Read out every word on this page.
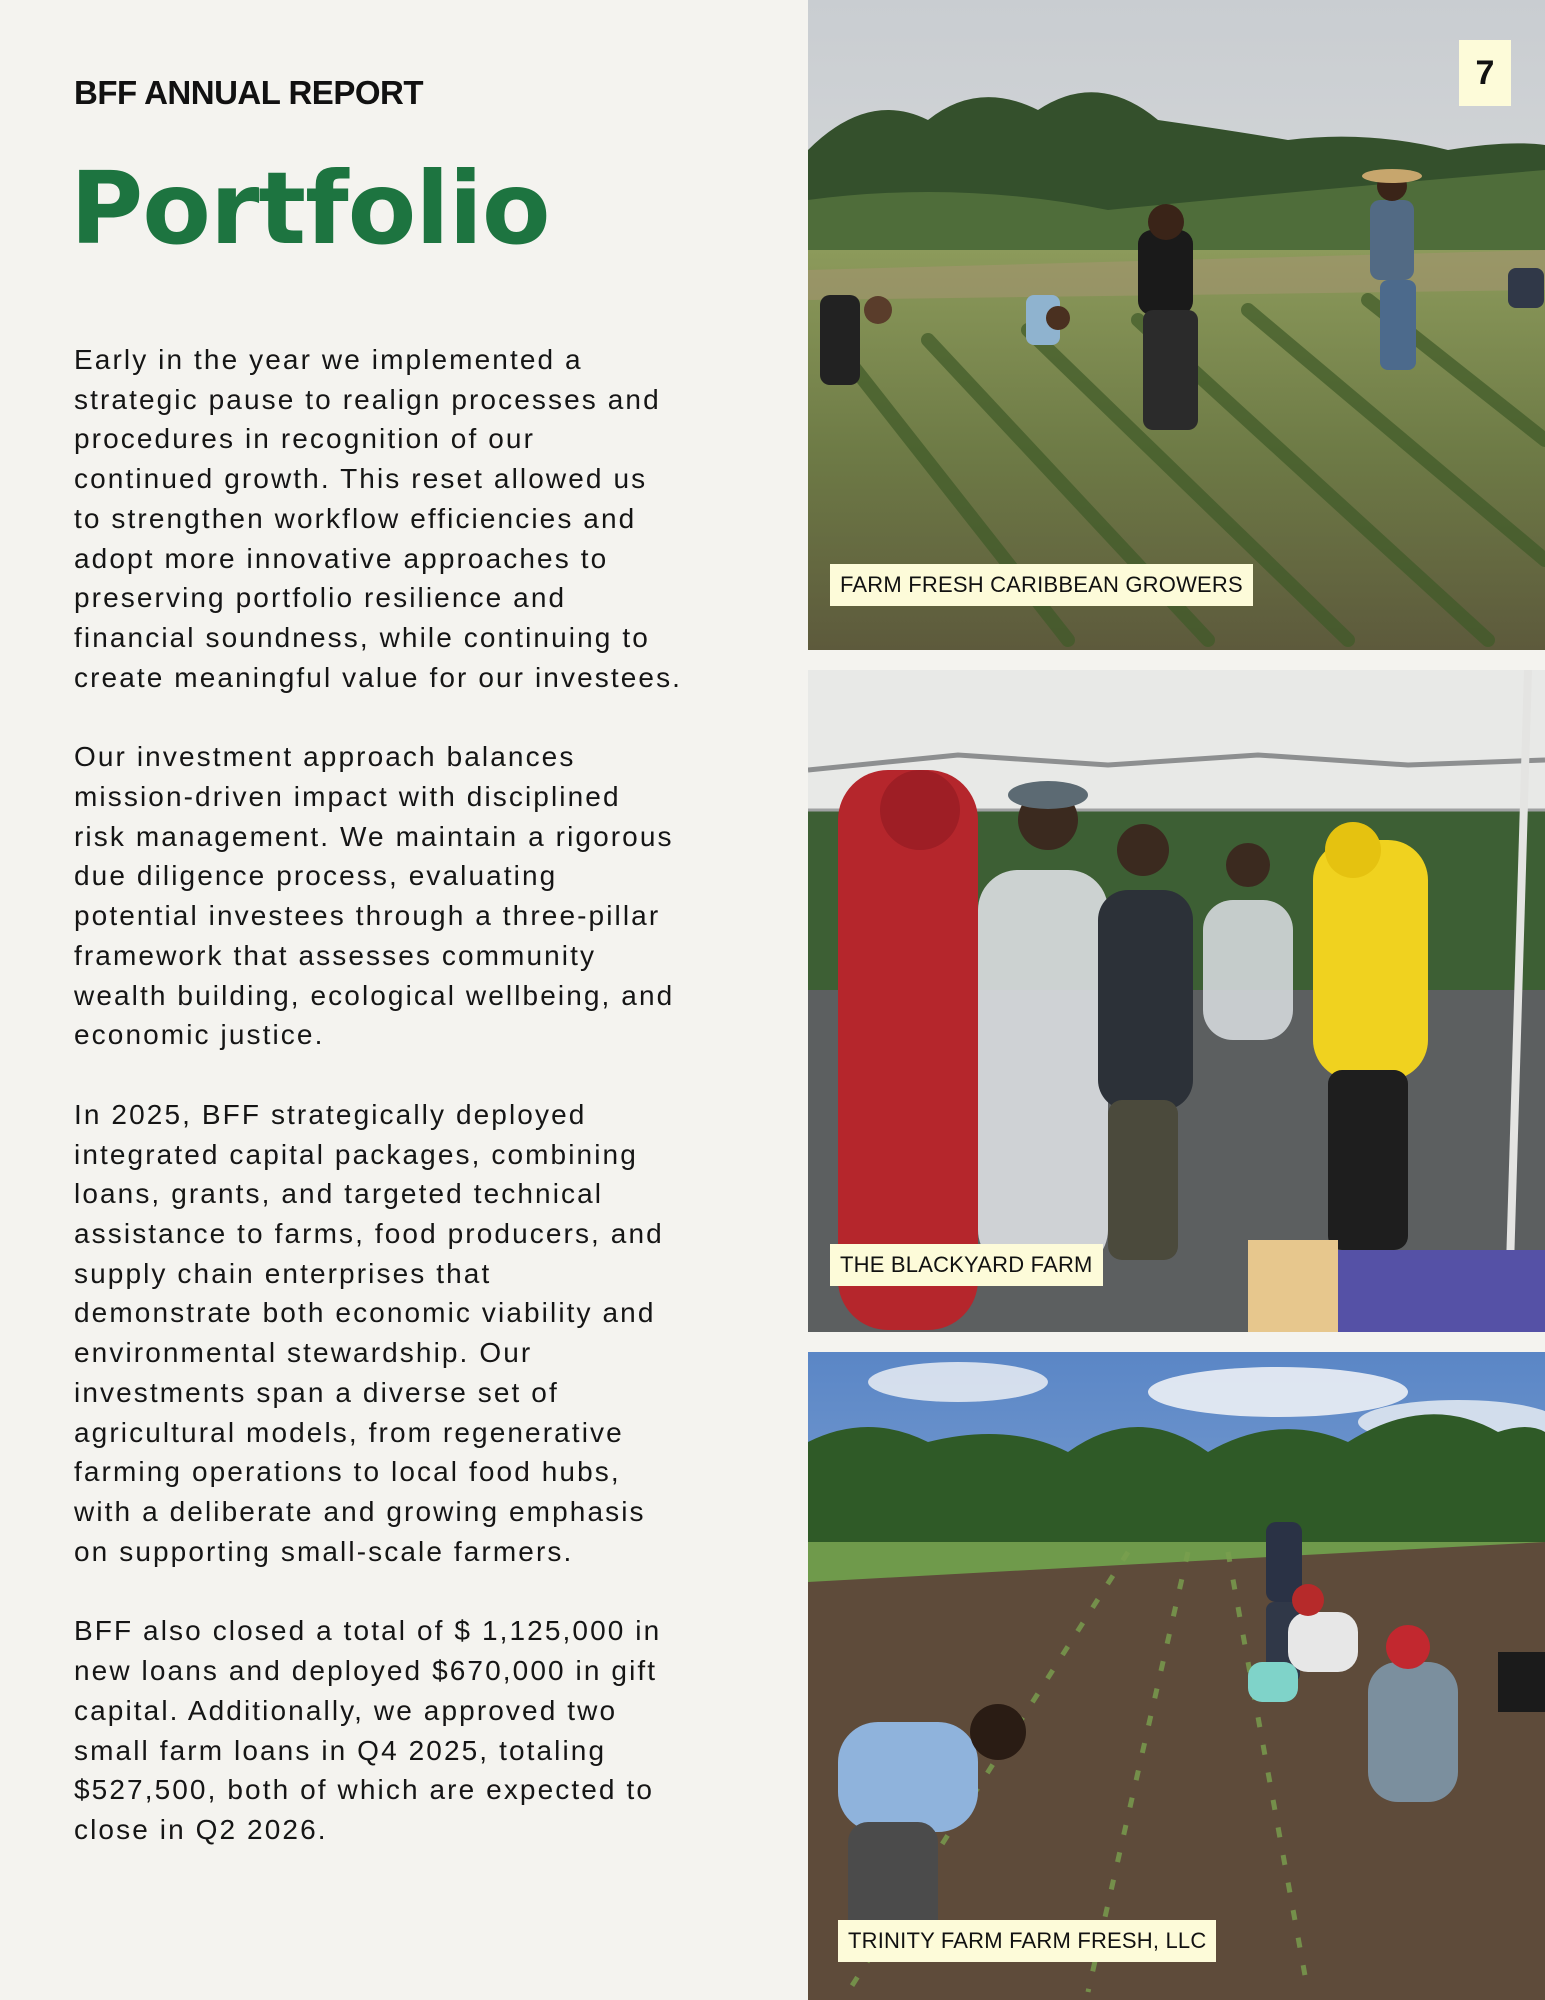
BFF ANNUAL REPORT
Portfolio

Early in the year we implemented a
strategic pause to realign processes and
procedures in recognition of our
continued growth. This reset allowed us
to strengthen workflow efficiencies and
adopt more innovative approaches to
preserving portfolio resilience and
financial soundness, while continuing to
create meaningful value for our investees.

Our investment approach balances
mission-driven impact with disciplined
risk management. We maintain a rigorous
due diligence process, evaluating
potential investees through a three-pillar
framework that assesses community
wealth building, ecological wellbeing, and
economic justice.

In 2025, BFF strategically deployed
integrated capital packages, combining
loans, grants, and targeted technical
assistance to farms, food producers, and
supply chain enterprises that
demonstrate both economic viability and
environmental stewardship. Our
investments span a diverse set of
agricultural models, from regenerative
farming operations to local food hubs,
with a deliberate and growing emphasis
on supporting small-scale farmers.

BFF also closed a total of $ 1,125,000 in
new loans and deployed $670,000 in gift
capital. Additionally, we approved two
small farm loans in Q4 2025, totaling
$527,500, both of which are expected to
close in Q2 2026.

FARM FRESH CARIBBEAN GROWERS
7
THE BLACKYARD FARM
TRINITY FARM FARM FRESH, LLC
